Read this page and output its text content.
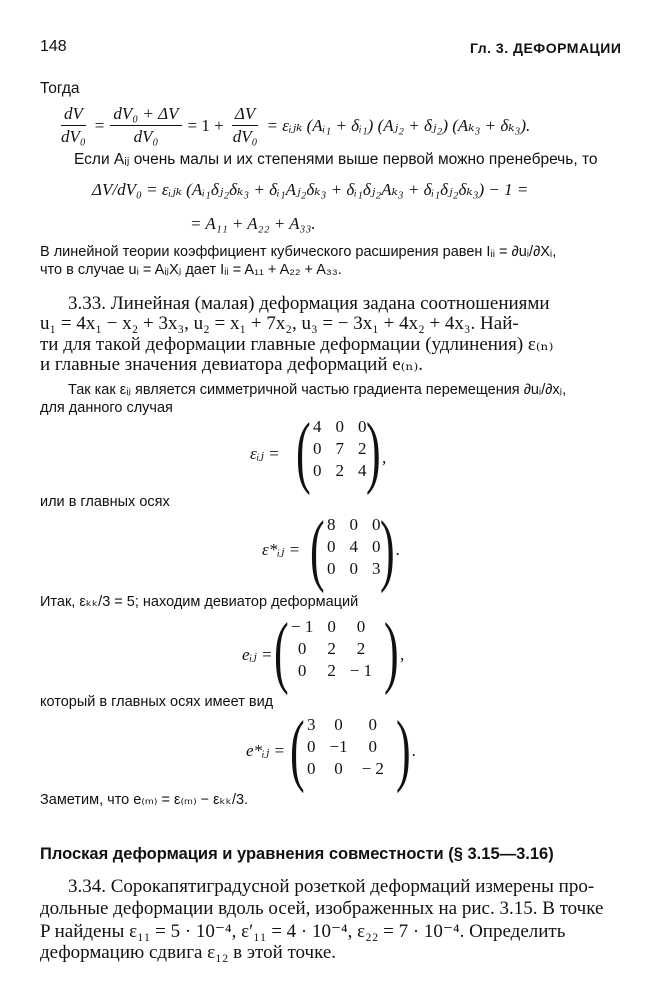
148	Гл. 3. ДЕФОРМАЦИИ
Тогда
$\frac{dV}{\text{dV₀}} = \frac{\text{dV₀ + ΔV}}{\text{dV₀}} = 1 + \frac{\Delta V}{\text{dV₀}}$ = εᵢⱼₖ (Aᵢ₁ + δᵢ₁) (Aⱼ₂ + δⱼ₂) (Aₖ₃ + δₖ₃).
Если Aᵢⱼ очень малы и их степенями выше первой можно пренебречь, то
ΔV/dV₀ = εᵢⱼₖ (Aᵢ₁δⱼ₂δₖ₃ + δᵢ₁Aⱼ₂δₖ₃ + δᵢ₁δⱼ₂Aₖ₃ + δᵢ₁δⱼ₂δₖ₃) − 1 =
= A₁₁ + A₂₂ + A₃₃.
В линейной теории коэффициент кубического расширения равен Iᵢᵢ = ∂uᵢ/∂Xᵢ,
что в случае uᵢ = AᵢⱼXⱼ дает Iᵢᵢ = A₁₁ + A₂₂ + A₃₃.
3.33. Линейная (малая) деформация задана соотношениями
u₁ = 4x₁ − x₂ + 3x₃, u₂ = x₁ + 7x₂, u₃ = − 3x₁ + 4x₂ + 4x₃. Най-
ти для такой деформации главные деформации (удлинения) ε₍ₙ₎
и главные значения девиатора деформаций e₍ₙ₎.
Так как εᵢⱼ является симметричной частью градиента перемещения ∂uᵢ/∂xⱼ,
для данного случая
εᵢⱼ = ( 4	0	0
0	7	2
0	2	4 ) ,
или в главных осях
ε*ᵢⱼ = ( 8	0	0
0	4	0
0	0	3 ) .
Итак, εₖₖ/3 = 5; находим девиатор деформаций
eᵢⱼ = ( − 1	0	0
0	2	2
0	2	− 1 ) ,
который в главных осях имеет вид
e*ᵢⱼ = ( 3	0	0
0	−1	0
0	0	− 2 ) .
Заметим, что e₍ₘ₎ = ε₍ₘ₎ − εₖₖ/3.
Плоская деформация и уравнения совместности (§ 3.15—3.16)
3.34. Сорокапятиградусной розеткой деформаций измерены про-
дольные деформации вдоль осей, изображенных на рис. 3.15. В точке
P найдены ε₁₁ = 5 · 10⁻⁴, ε′₁₁ = 4 · 10⁻⁴, ε₂₂ = 7 · 10⁻⁴. Определить
деформацию сдвига ε₁₂ в этой точке.
